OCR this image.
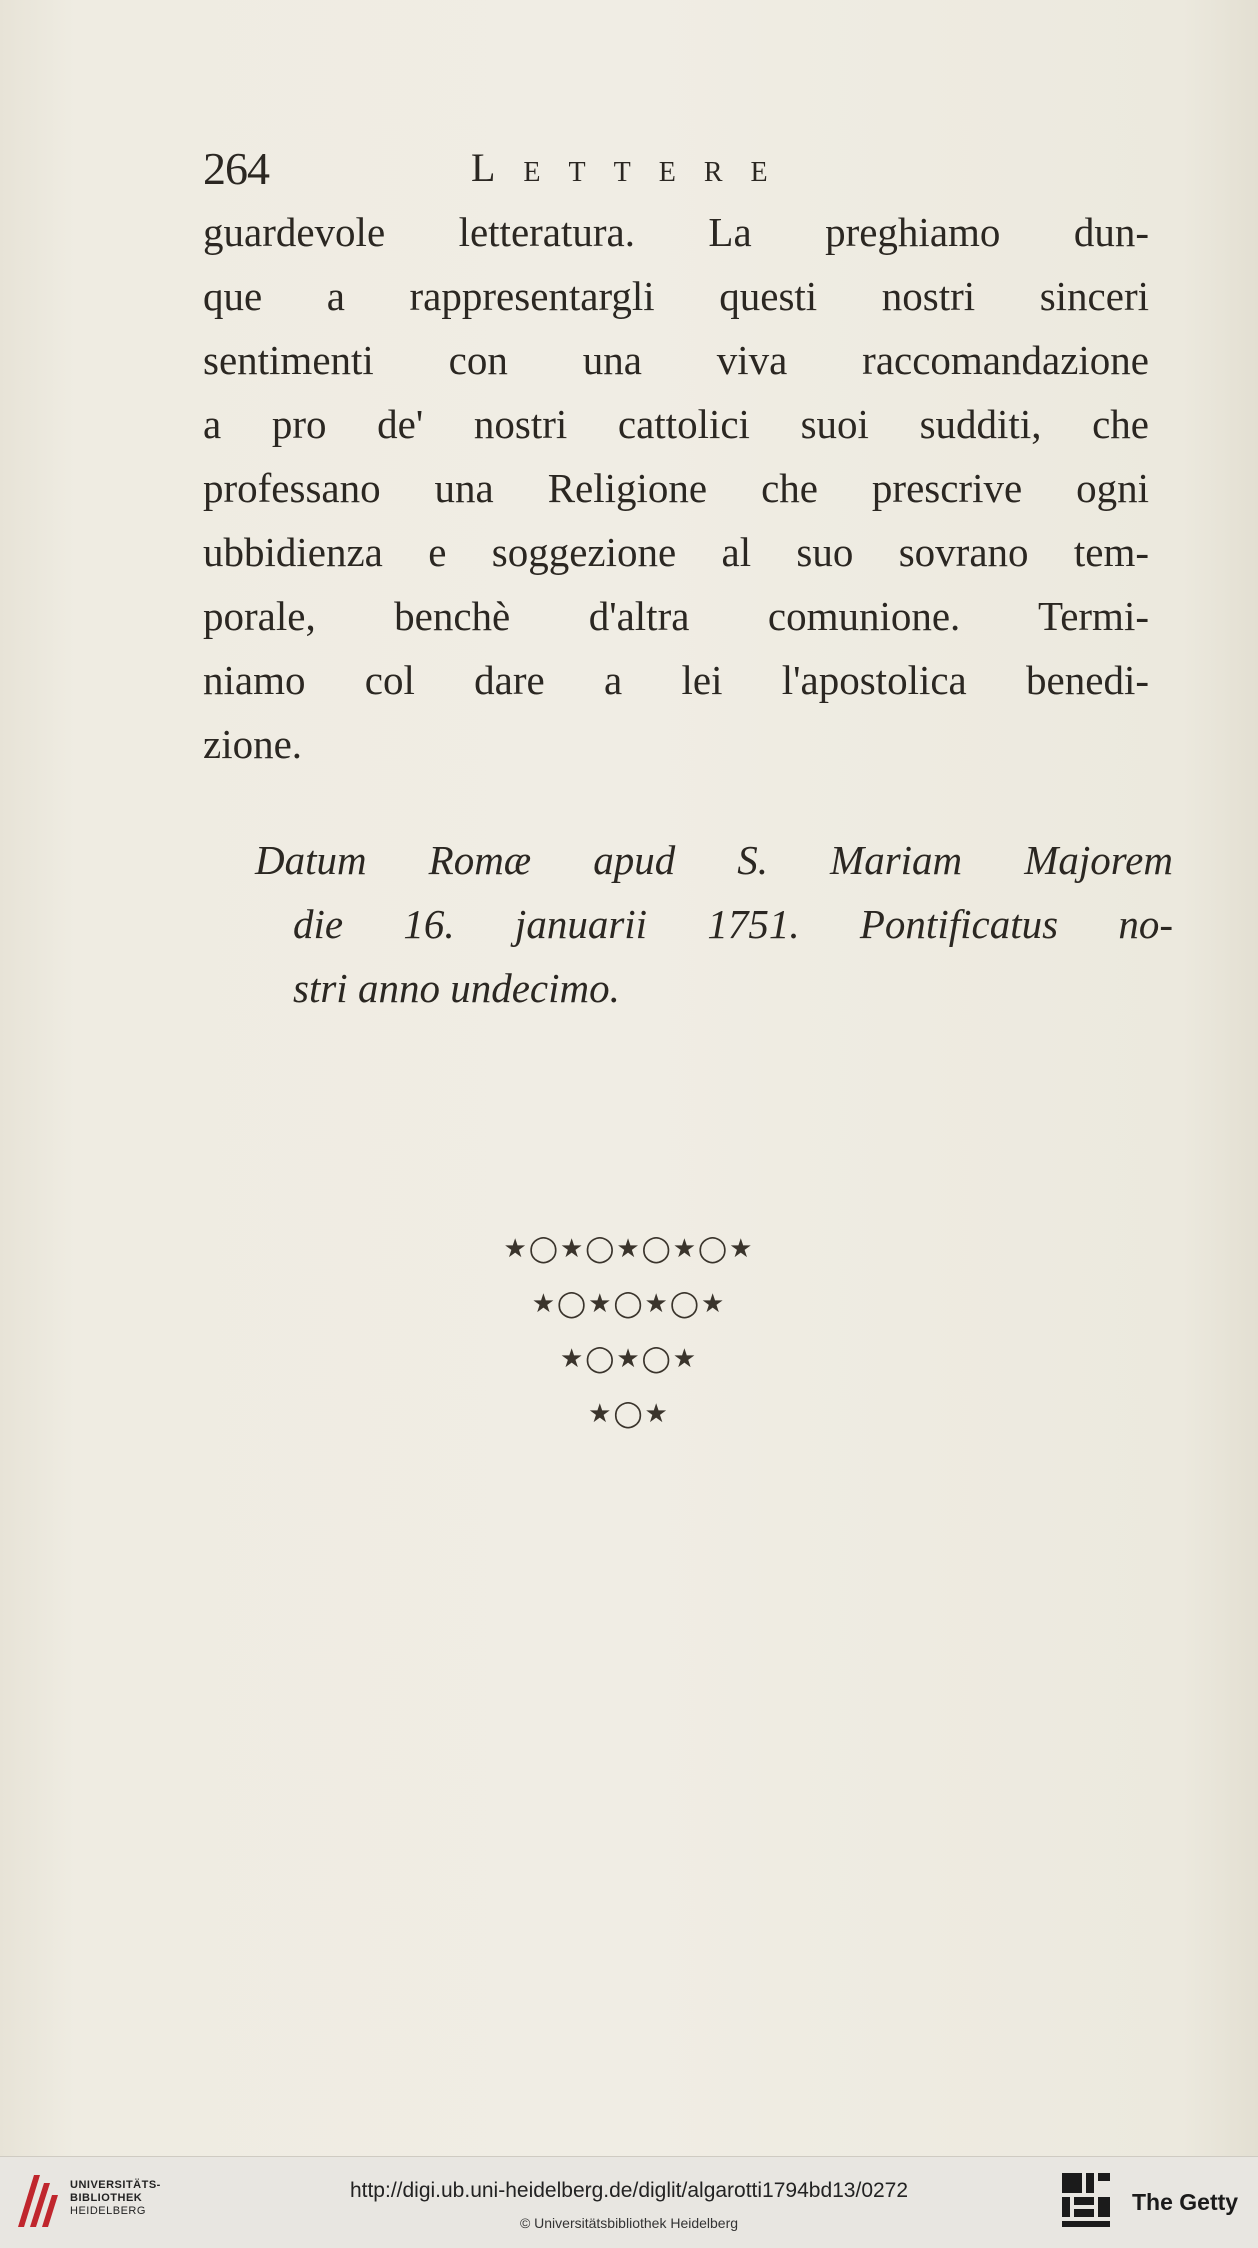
264	Lettere
guardevole letteratura. La preghiamo dun-
que a rappresentargli questi nostri sinceri
sentimenti con una viva raccomandazione
a pro de' nostri cattolici suoi sudditi, che
professano una Religione che prescrive ogni
ubbidienza e soggezione al suo sovrano tem-
porale, benchè d'altra comunione. Termi-
niamo col dare a lei l'apostolica benedi-
zione.
Datum Romæ apud S. Mariam Majorem
die 16. januarii 1751. Pontificatus no-
stri anno undecimo.
★◯★◯★◯★◯★
★◯★◯★◯★
★◯★◯★
★◯★
UNIVERSITÄTS-
BIBLIOTHEK
HEIDELBERG
http://digi.ub.uni-heidelberg.de/diglit/algarotti1794bd13/0272
© Universitätsbibliothek Heidelberg
The Getty
